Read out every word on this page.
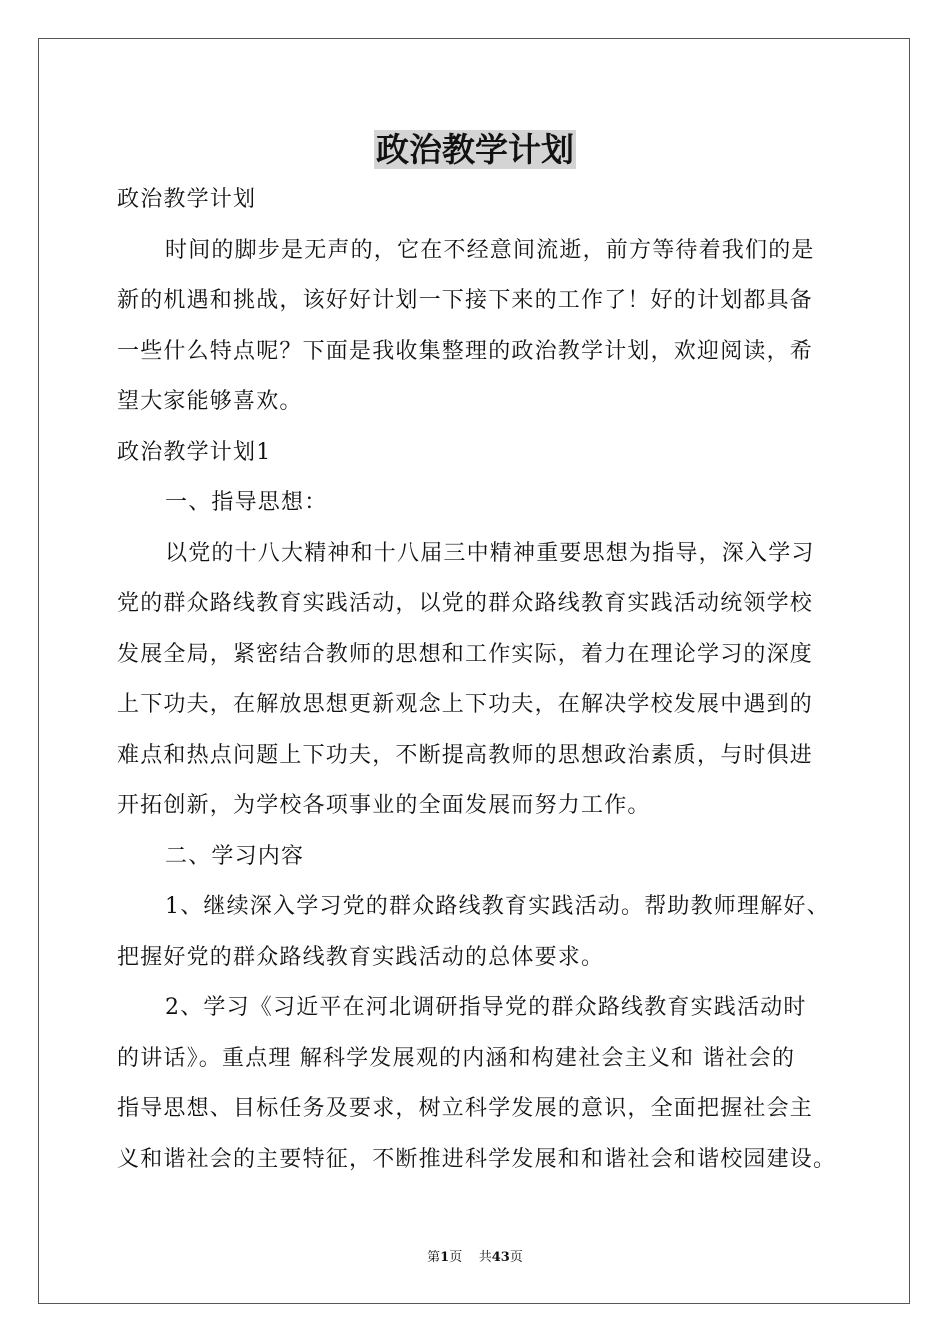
政治教学计划
政治教学计划
时间的脚步是无声的，它在不经意间流逝，前方等待着我们的是
新的机遇和挑战，该好好计划一下接下来的工作了！好的计划都具备
一些什么特点呢？下面是我收集整理的政治教学计划，欢迎阅读，希
望大家能够喜欢。
政治教学计划1
一、指导思想：
以党的十八大精神和十八届三中精神重要思想为指导，深入学习
党的群众路线教育实践活动，以党的群众路线教育实践活动统领学校
发展全局，紧密结合教师的思想和工作实际，着力在理论学习的深度
上下功夫，在解放思想更新观念上下功夫，在解决学校发展中遇到的
难点和热点问题上下功夫，不断提高教师的思想政治素质，与时俱进
开拓创新，为学校各项事业的全面发展而努力工作。
二、学习内容
1、继续深入学习党的群众路线教育实践活动。帮助教师理解好、
把握好党的群众路线教育实践活动的总体要求。
2、学习《习近平在河北调研指导党的群众路线教育实践活动时
的讲话》。重点理 解科学发展观的内涵和构建社会主义和 谐社会的
指导思想、目标任务及要求，树立科学发展的意识，全面把握社会主
义和谐社会的主要特征，不断推进科学发展和和谐社会和谐校园建设。
第1页 共43页
